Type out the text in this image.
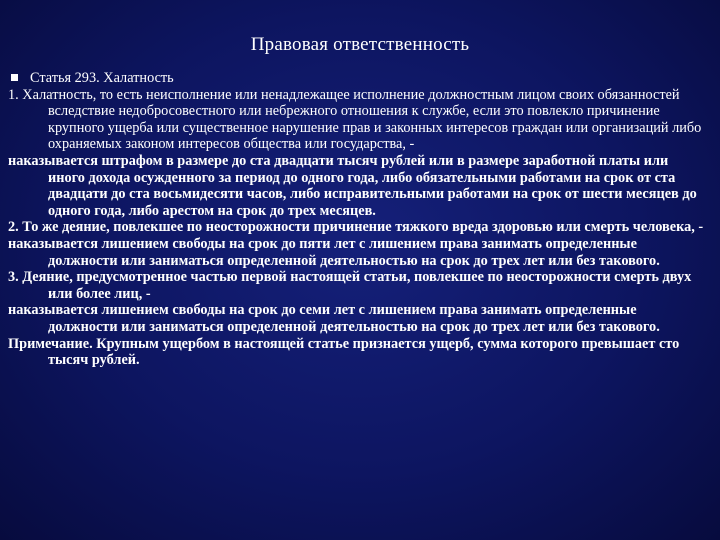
Правовая ответственность

Статья 293. Халатность

1. Халатность, то есть неисполнение или ненадлежащее исполнение должностным лицом своих обязанностей вследствие недобросовестного или небрежного отношения к службе, если это повлекло причинение крупного ущерба или существенное нарушение прав и законных интересов граждан или организаций либо охраняемых законом интересов общества или государства, -

наказывается штрафом в размере до ста двадцати тысяч рублей или в размере заработной платы или иного дохода осужденного за период до одного года, либо обязательными работами на срок от ста двадцати до ста восьмидесяти часов, либо исправительными работами на срок от шести месяцев до одного года, либо арестом на срок до трех месяцев.

2. То же деяние, повлекшее по неосторожности причинение тяжкого вреда здоровью или смерть человека, -

наказывается лишением свободы на срок до пяти лет с лишением права занимать определенные должности или заниматься определенной деятельностью на срок до трех лет или без такового.

3. Деяние, предусмотренное частью первой настоящей статьи, повлекшее по неосторожности смерть двух или более лиц, -

наказывается лишением свободы на срок до семи лет с лишением права занимать определенные должности или заниматься определенной деятельностью на срок до трех лет или без такового.

Примечание. Крупным ущербом в настоящей статье признается ущерб, сумма которого превышает сто тысяч рублей.
